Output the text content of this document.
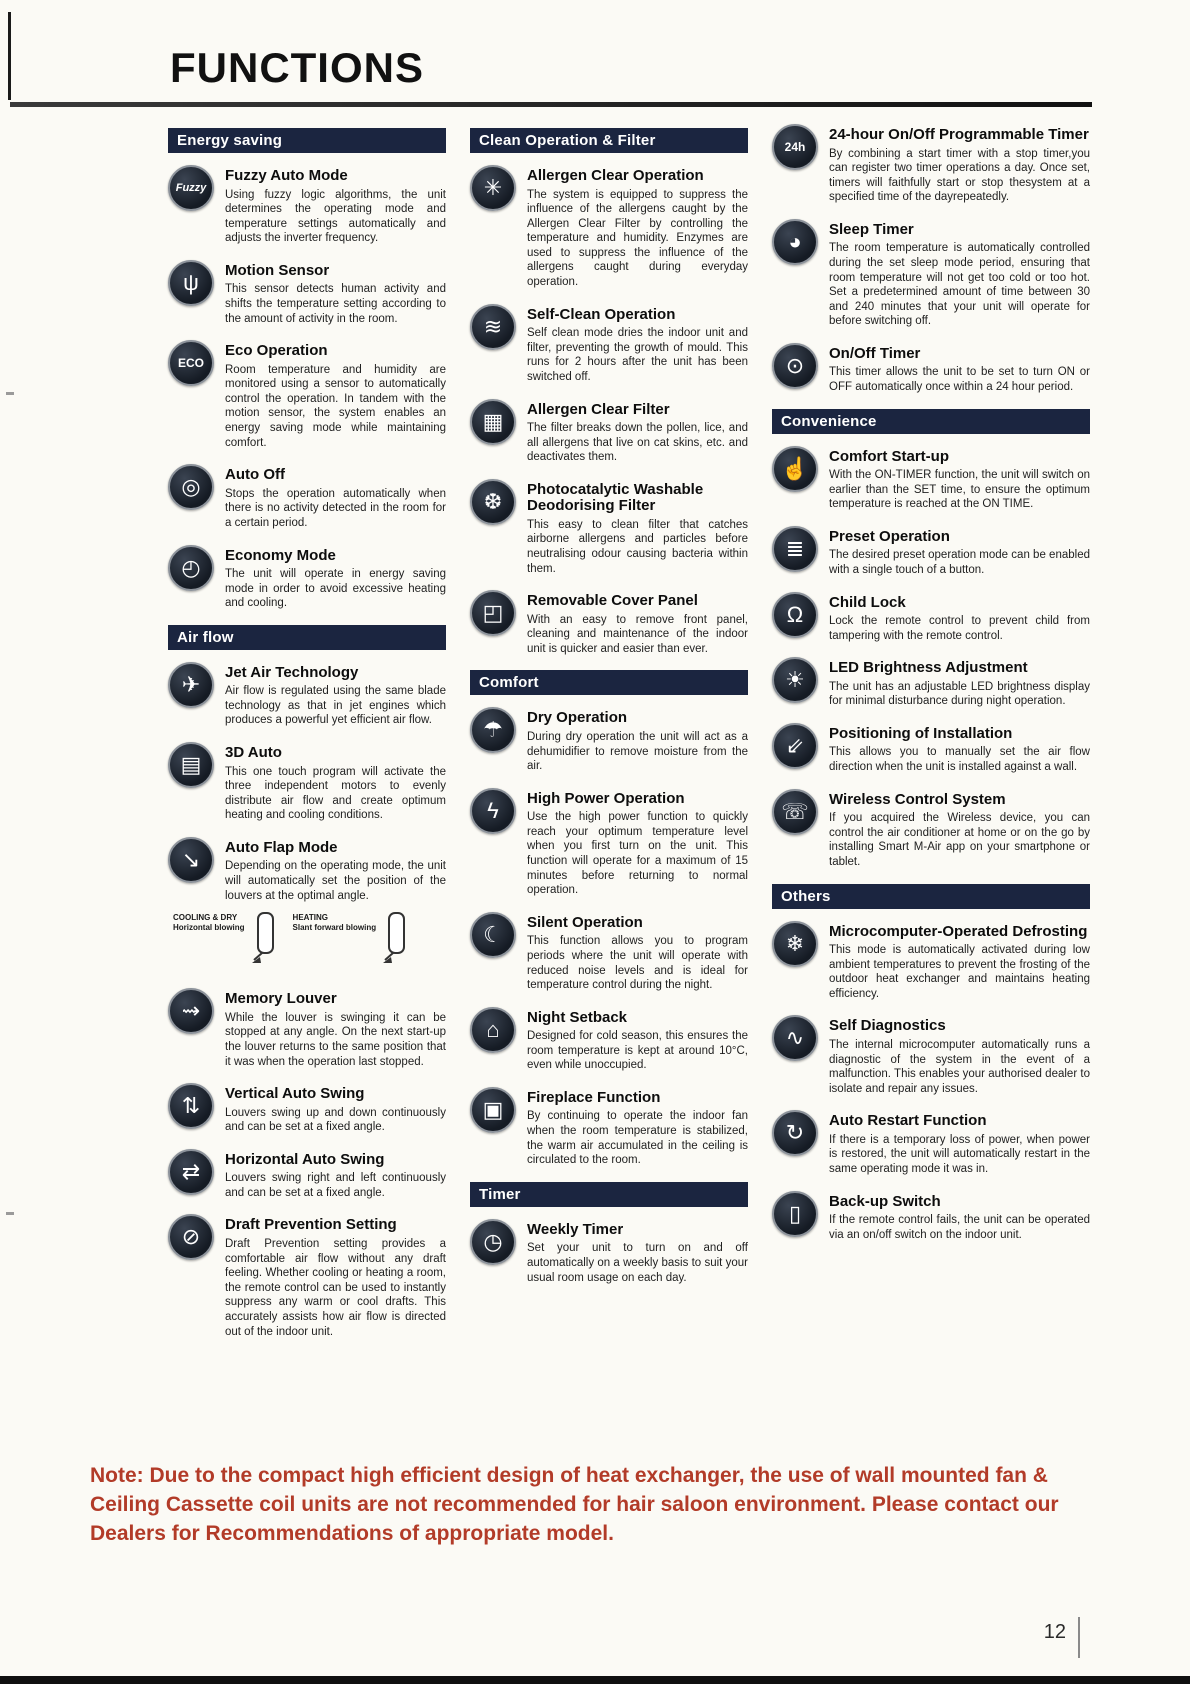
FUNCTIONS
Energy saving
Fuzzy
Fuzzy Auto Mode

Using fuzzy logic algorithms, the unit determines the operating mode and temperature settings automatically and adjusts the inverter frequency.

ψ Motion Sensor

This sensor detects human activity and shifts the temperature setting according to the amount of activity in the room.

ECO
Eco Operation

Room temperature and humidity are monitored using a sensor to automatically control the operation. In tandem with the motion sensor, the system enables an energy saving mode while maintaining comfort.

◎ Auto Off

Stops the operation automatically when there is no activity detected in the room for a certain period.

◴ Economy Mode

The unit will operate in energy saving mode in order to avoid excessive heating and cooling.

Air flow
✈ Jet Air Technology

Air flow is regulated using the same blade technology as that in jet engines which produces a powerful yet efficient air flow.

▤ 3D Auto

This one touch program will activate the three independent motors to evenly distribute air flow and create optimum heating and cooling conditions.

↘ Auto Flap Mode

Depending on the operating mode, the unit will automatically set the position of the louvers at the optimal angle.

COOLING & DRY
Horizontal blowing
HEATING
Slant forward blowing
⇝ Memory Louver

While the louver is swinging it can be stopped at any angle. On the next start-up the louver returns to the same position that it was when the operation last stopped.

⇅ Vertical Auto Swing

Louvers swing up and down continuously and can be set at a fixed angle.

⇄ Horizontal Auto Swing

Louvers swing right and left continuously and can be set at a fixed angle.

⊘ Draft Prevention Setting

Draft Prevention setting provides a comfortable air flow without any draft feeling. Whether cooling or heating a room, the remote control can be used to instantly suppress any warm or cool drafts. This accurately assists how air flow is directed out of the indoor unit.

Clean Operation & Filter
✳ Allergen Clear Operation

The system is equipped to suppress the influence of the allergens caught by the Allergen Clear Filter by controlling the temperature and humidity. Enzymes are used to suppress the influence of the allergens caught during everyday operation.

≋ Self-Clean Operation

Self clean mode dries the indoor unit and filter, preventing the growth of mould. This runs for 2 hours after the unit has been switched off.

▦ Allergen Clear Filter

The filter breaks down the pollen, lice, and all allergens that live on cat skins, etc. and deactivates them.

❆ Photocatalytic Washable Deodorising Filter

This easy to clean filter that catches airborne allergens and particles before neutralising odour causing bacteria within them.

◰ Removable Cover Panel

With an easy to remove front panel, cleaning and maintenance of the indoor unit is quicker and easier than ever.

Comfort
☂ Dry Operation

During dry operation the unit will act as a dehumidifier to remove moisture from the air.

ϟ High Power Operation

Use the high power function to quickly reach your optimum temperature level when you first turn on the unit. This function will operate for a maximum of 15 minutes before returning to normal operation.

☾ Silent Operation

This function allows you to program periods where the unit will operate with reduced noise levels and is ideal for temperature control during the night.

⌂ Night Setback

Designed for cold season, this ensures the room temperature is kept at around 10°C, even while unoccupied.

▣ Fireplace Function

By continuing to operate the indoor fan when the room temperature is stabilized, the warm air accumulated in the ceiling is circulated to the room.

Timer
◷ Weekly Timer

Set your unit to turn on and off automatically on a weekly basis to suit your usual room usage on each day.

24h
24-hour On/Off Programmable Timer

By combining a start timer with a stop timer,you can register two timer operations a day. Once set, timers will faithfully start or stop thesystem at a specified time of the dayrepeatedly.

◕ Sleep Timer

The room temperature is automatically controlled during the set sleep mode period, ensuring that room temperature will not get too cold or too hot. Set a predetermined amount of time between 30 and 240 minutes that your unit will operate for before switching off.

⊙ On/Off Timer

This timer allows the unit to be set to turn ON or OFF automatically once within a 24 hour period.

Convenience
☝ Comfort Start-up

With the ON-TIMER function, the unit will switch on earlier than the SET time, to ensure the optimum temperature is reached at the ON TIME.

≣ Preset Operation

The desired preset operation mode can be enabled with a single touch of a button.

Ω Child Lock

Lock the remote control to prevent child from tampering with the remote control.

☀ LED Brightness Adjustment

The unit has an adjustable LED brightness display for minimal disturbance during night operation.

⇙ Positioning of Installation

This allows you to manually set the air flow direction when the unit is installed against a wall.

☏ Wireless Control System

If you acquired the Wireless device, you can control the air conditioner at home or on the go by installing Smart M-Air app on your smartphone or tablet.

Others
❄ Microcomputer-Operated Defrosting

This mode is automatically activated during low ambient temperatures to prevent the frosting of the outdoor heat exchanger and maintains heating efficiency.

∿ Self Diagnostics

The internal microcomputer automatically runs a diagnostic of the system in the event of a malfunction. This enables your authorised dealer to isolate and repair any issues.

↻ Auto Restart Function

If there is a temporary loss of power, when power is restored, the unit will automatically restart in the same operating mode it was in.

▯ Back-up Switch

If the remote control fails, the unit can be operated via an on/off switch on the indoor unit.

Note: Due to the compact high efficient design of heat exchanger, the use of wall mounted fan & Ceiling Cassette coil units are not recommended for hair saloon environment. Please contact our Dealers for Recommendations of appropriate model.

12
